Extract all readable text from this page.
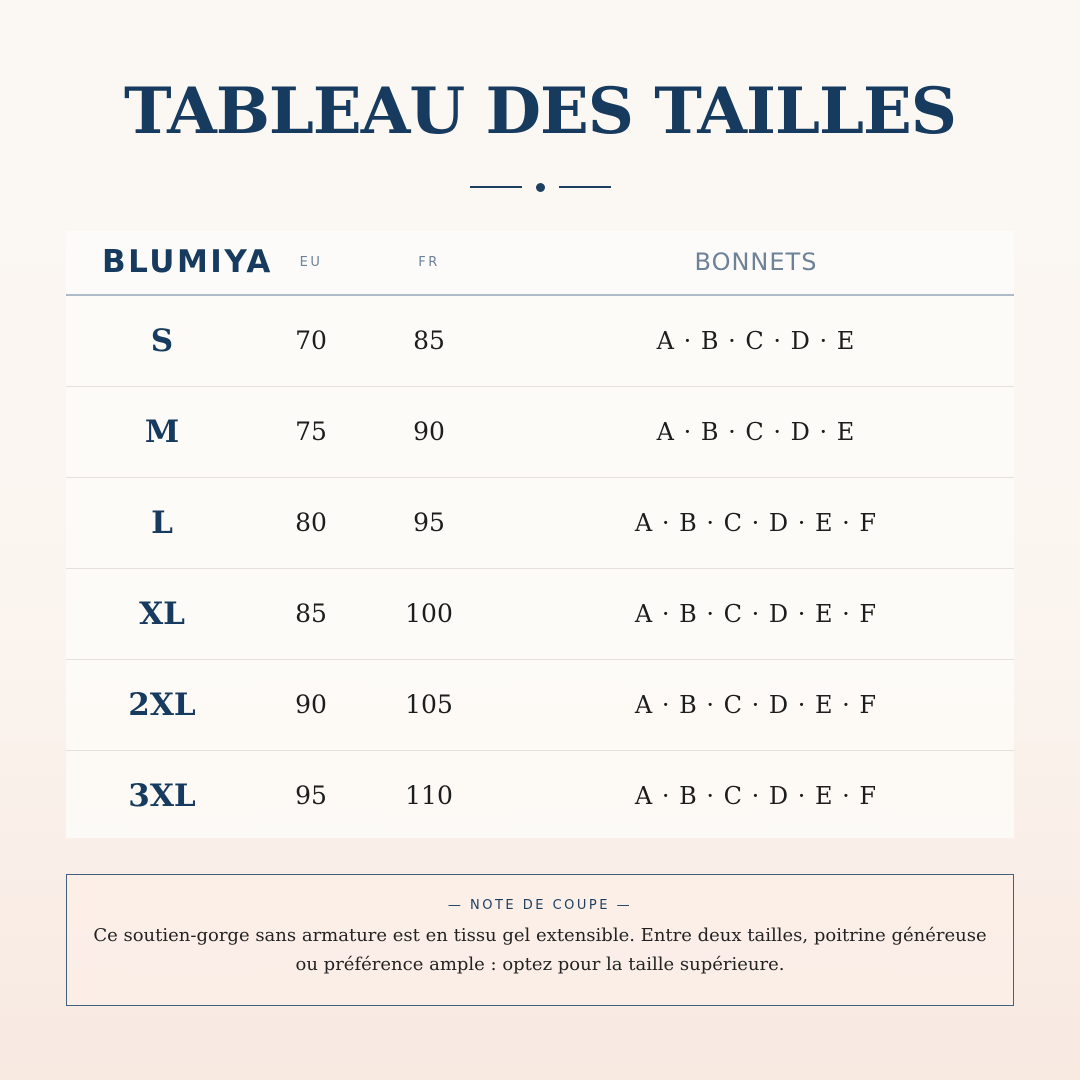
TABLEAU DES TAILLES
BLUMIYA	EU	FR	BONNETS
S	70	85	A · B · C · D · E
M	75	90	A · B · C · D · E
L	80	95	A · B · C · D · E · F
XL	85	100	A · B · C · D · E · F
2XL	90	105	A · B · C · D · E · F
3XL	95	110	A · B · C · D · E · F
— NOTE DE COUPE —
Ce soutien-gorge sans armature est en tissu gel extensible. Entre deux tailles, poitrine généreuse ou préférence ample : optez pour la taille supérieure.
